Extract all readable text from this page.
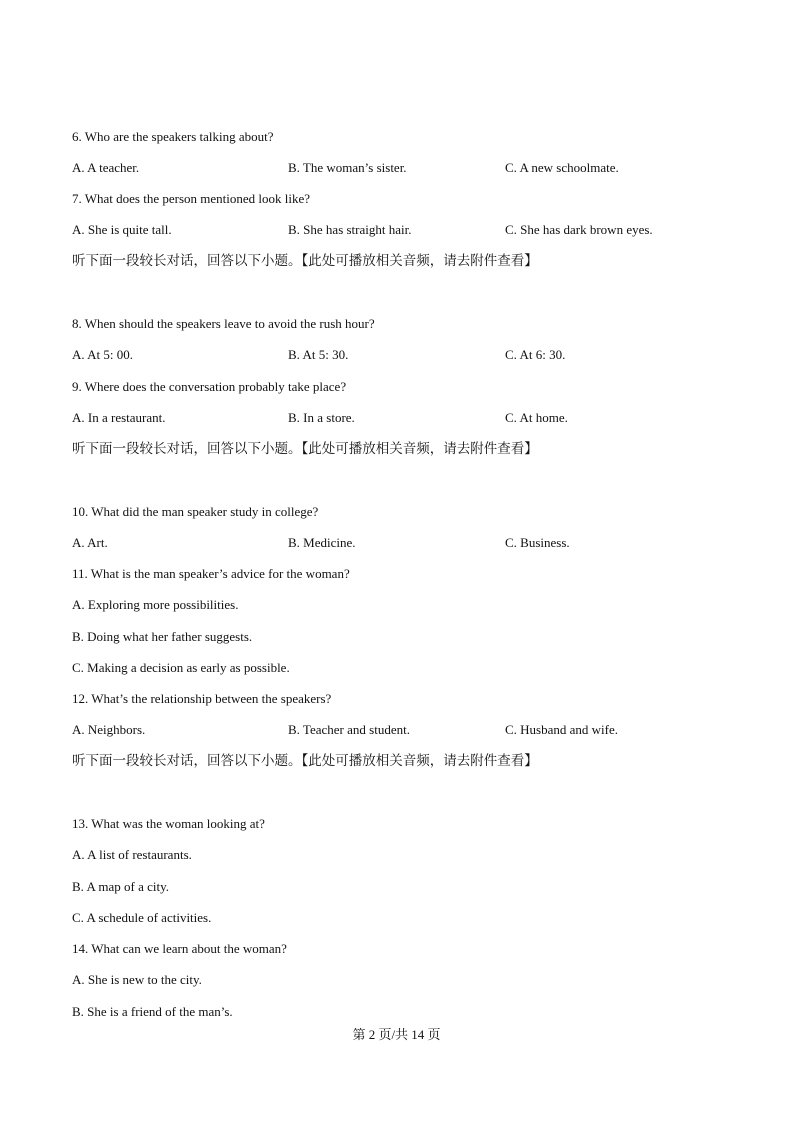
6. Who are the speakers talking about?
A. A teacher.	B. The woman’s sister.	C. A new schoolmate.
7. What does the person mentioned look like?
A. She is quite tall.	B. She has straight hair.	C. She has dark brown eyes.
听下面一段较长对话，回答以下小题。【此处可播放相关音频，请去附件查看】
8. When should the speakers leave to avoid the rush hour?
A. At 5: 00.	B. At 5: 30.	C. At 6: 30.
9. Where does the conversation probably take place?
A. In a restaurant.	B. In a store.	C. At home.
听下面一段较长对话，回答以下小题。【此处可播放相关音频，请去附件查看】
10. What did the man speaker study in college?
A. Art.	B. Medicine.	C. Business.
11. What is the man speaker’s advice for the woman?
A. Exploring more possibilities.
B. Doing what her father suggests.
C. Making a decision as early as possible.
12. What’s the relationship between the speakers?
A. Neighbors.	B. Teacher and student.	C. Husband and wife.
听下面一段较长对话，回答以下小题。【此处可播放相关音频，请去附件查看】
13. What was the woman looking at?
A. A list of restaurants.
B. A map of a city.
C. A schedule of activities.
14. What can we learn about the woman?
A. She is new to the city.
B. She is a friend of the man’s.
第 2 页/共 14 页
